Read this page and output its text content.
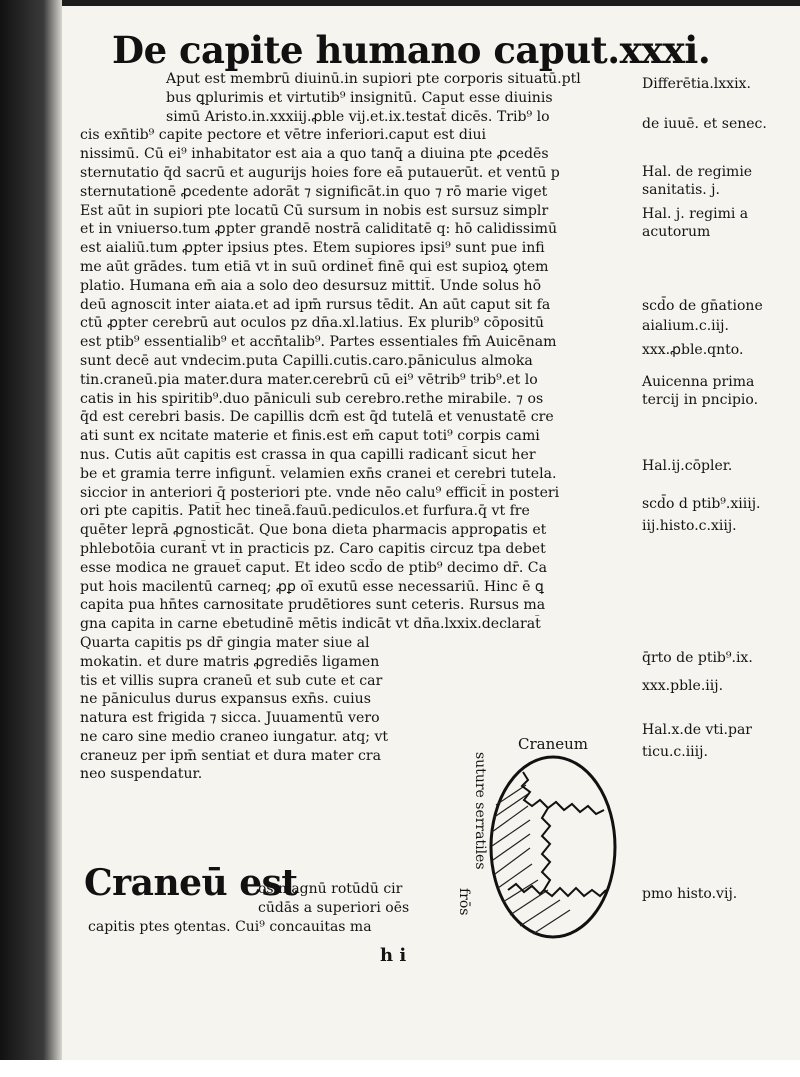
De capite humano caput.xxxi.
Aput est membrū diuinū.in supiori pte corporis situatū.ptl
bus ꝗplurimis et virtutib⁹ insignitū. Caput esse diuinis
simū Aristo.in.xxxiij.ꝓble vij.et.ix.testat̄ dicēs. Trib⁹ lo
cis exn̄tib⁹ capite pectore et vētre inferiori.caput est diui
nissimū. Cū ei⁹ inhabitator est aia a quo tanq̄ a diuina pte ꝓcedēs
sternutatio q̄d sacrū et augurijs hoies fore eā putauerūt. et ventū p
sternutationē ꝓcedente adorāt ⁊ significāt.in quo ⁊ rō marie viget
Est aūt in supiori pte locatū Cū sursum in nobis est sursuz simplr
et in vniuerso.tum ꝓpter grandē nostrā caliditatē q: hō calidissimū
est aialiū.tum ꝓpter ipsius ptes. Etem supiores ipsi⁹ sunt pue infi
me aūt grādes. tum etiā vt in suū ordinet̄ finē qui est supioꝝ ꝯtem
platio. Humana em̄ aia a solo deo desursuz mittit̄. Unde solus hō
deū agnoscit inter aiata.et ad ipm̄ rursus tēdit. An aūt caput sit fa
ctū ꝓpter cerebrū aut oculos pz dn̄a.xl.latius. Ex plurib⁹ cōpositū
est ptib⁹ essentialib⁹ et accn̄talib⁹. Partes essentiales fm̄ Auicēnam
sunt decē aut vndecim.puta Capilli.cutis.caro.pāniculus almoka
tin.craneū.pia mater.dura mater.cerebrū cū ei⁹ vētrib⁹ trib⁹.et lo
catis in his spiritib⁹.duo pāniculi sub cerebro.rethe mirabile. ⁊ os
q̄d est cerebri basis. De capillis dcm̄ est q̄d tutelā et venustatē cre
ati sunt ex ncitate materie et finis.est em̄ caput toti⁹ corpis cami
nus. Cutis aūt capitis est crassa in qua capilli radicant̄ sicut her
be et gramia terre infigunt̄. velamien exn̄s cranei et cerebri tutela.
siccior in anteriori q̄ posteriori pte. vnde nēo calu⁹ efficit̄ in posteri
ori pte capitis. Patit̄ hec tineā.fauū.pediculos.et furfura.q̄ vt fre
quēter leprā ꝓgnosticāt. Que bona dieta pharmacis approꝑatis et
phlebotōia curant̄ vt in practicis pz. Caro capitis circuz tpa debet
esse modica ne grauet̄ caput. Et ideo scd̄o de ptib⁹ decimo dr̄. Ca
put hois macilentū carneq; ꝓꝑ oī exutū esse necessariū. Hinc ē ꝗ
capita pua hn̄tes carnositate prudētiores sunt ceteris. Rursus ma
gna capita in carne ebetudinē mētis indicāt vt dn̄a.lxxix.declarat̄
Quarta capitis ps dr̄ gingia mater siue al
mokatin. et dure matris ꝓgrediēs ligamen
tis et villis supra craneū et sub cute et car
ne pāniculus durus expansus exn̄s. cuius
natura est frigida ⁊ sicca. Juuamentū vero
ne caro sine medio craneo iungatur. atq; vt
craneuz per ipm̄ sentiat et dura mater cra
neo suspendatur.
Craneū est
os magnū rotūdū cir
cūdās a superiori oēs
capitis ptes ꝯtentas. Cui⁹ concauitas ma
h i
Craneum
suture serratiles
frōs
Differētia.lxxix.
de iuuē. et senec.
Hal. de regimie
sanitatis. j.
Hal. j. regimi a
acutorum
scd̄o de gn̄atione
aialium.c.iij.
xxx.ꝓble.qnto.
Auicenna prima
tercij in pncipio.
Hal.ij.cōpler.
scd̄o d ptib⁹.xiiij.
iij.histo.c.xiij.
q̄rto de ptib⁹.ix.
xxx.pble.iij.
Hal.x.de vti.par
ticu.c.iiij.
pmo histo.vij.
